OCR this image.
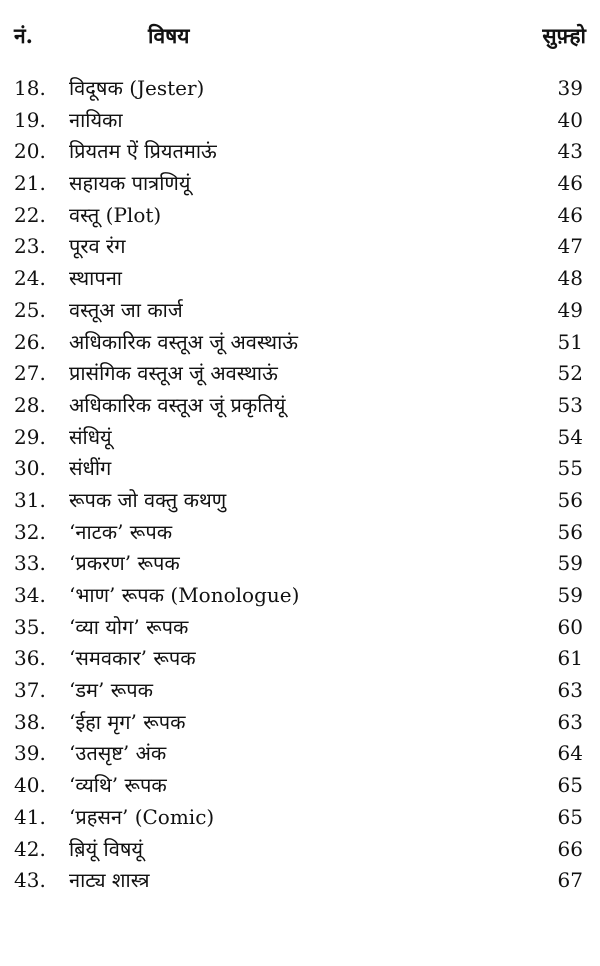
नं.	विषय	सुफ़्हो
18. विदूषक (Jester)	39
19. नायिका	40
20. प्रियतम ऐं प्रियतमाऊं	43
21. सहायक पात्रणियूं	46
22. वस्तू (Plot)	46
23. पूरव रंग	47
24. स्थापना	48
25. वस्तूअ जा कार्ज	49
26. अधिकारिक वस्तूअ जूं अवस्थाऊं	51
27. प्रासंगिक वस्तूअ जूं अवस्थाऊं	52
28. अधिकारिक वस्तूअ जूं प्रकृतियूं	53
29. संधियूं	54
30. संधींग	55
31. रूपक जो वक्तु कथणु	56
32. ‘नाटक’ रूपक	56
33. ‘प्रकरण’ रूपक	59
34. ‘भाण’ रूपक (Monologue)	59
35. ‘व्या योग’ रूपक	60
36. ‘समवकार’ रूपक	61
37. ‘डम’ रूपक	63
38. ‘ईहा मृग’ रूपक	63
39. ‘उतसृष्ट’ अंक	64
40. ‘व्यथि’ रूपक	65
41. ‘प्रहसन’ (Comic)	65
42. ब़ियूं विषयूं	66
43. नाट्य शास्त्र	67
